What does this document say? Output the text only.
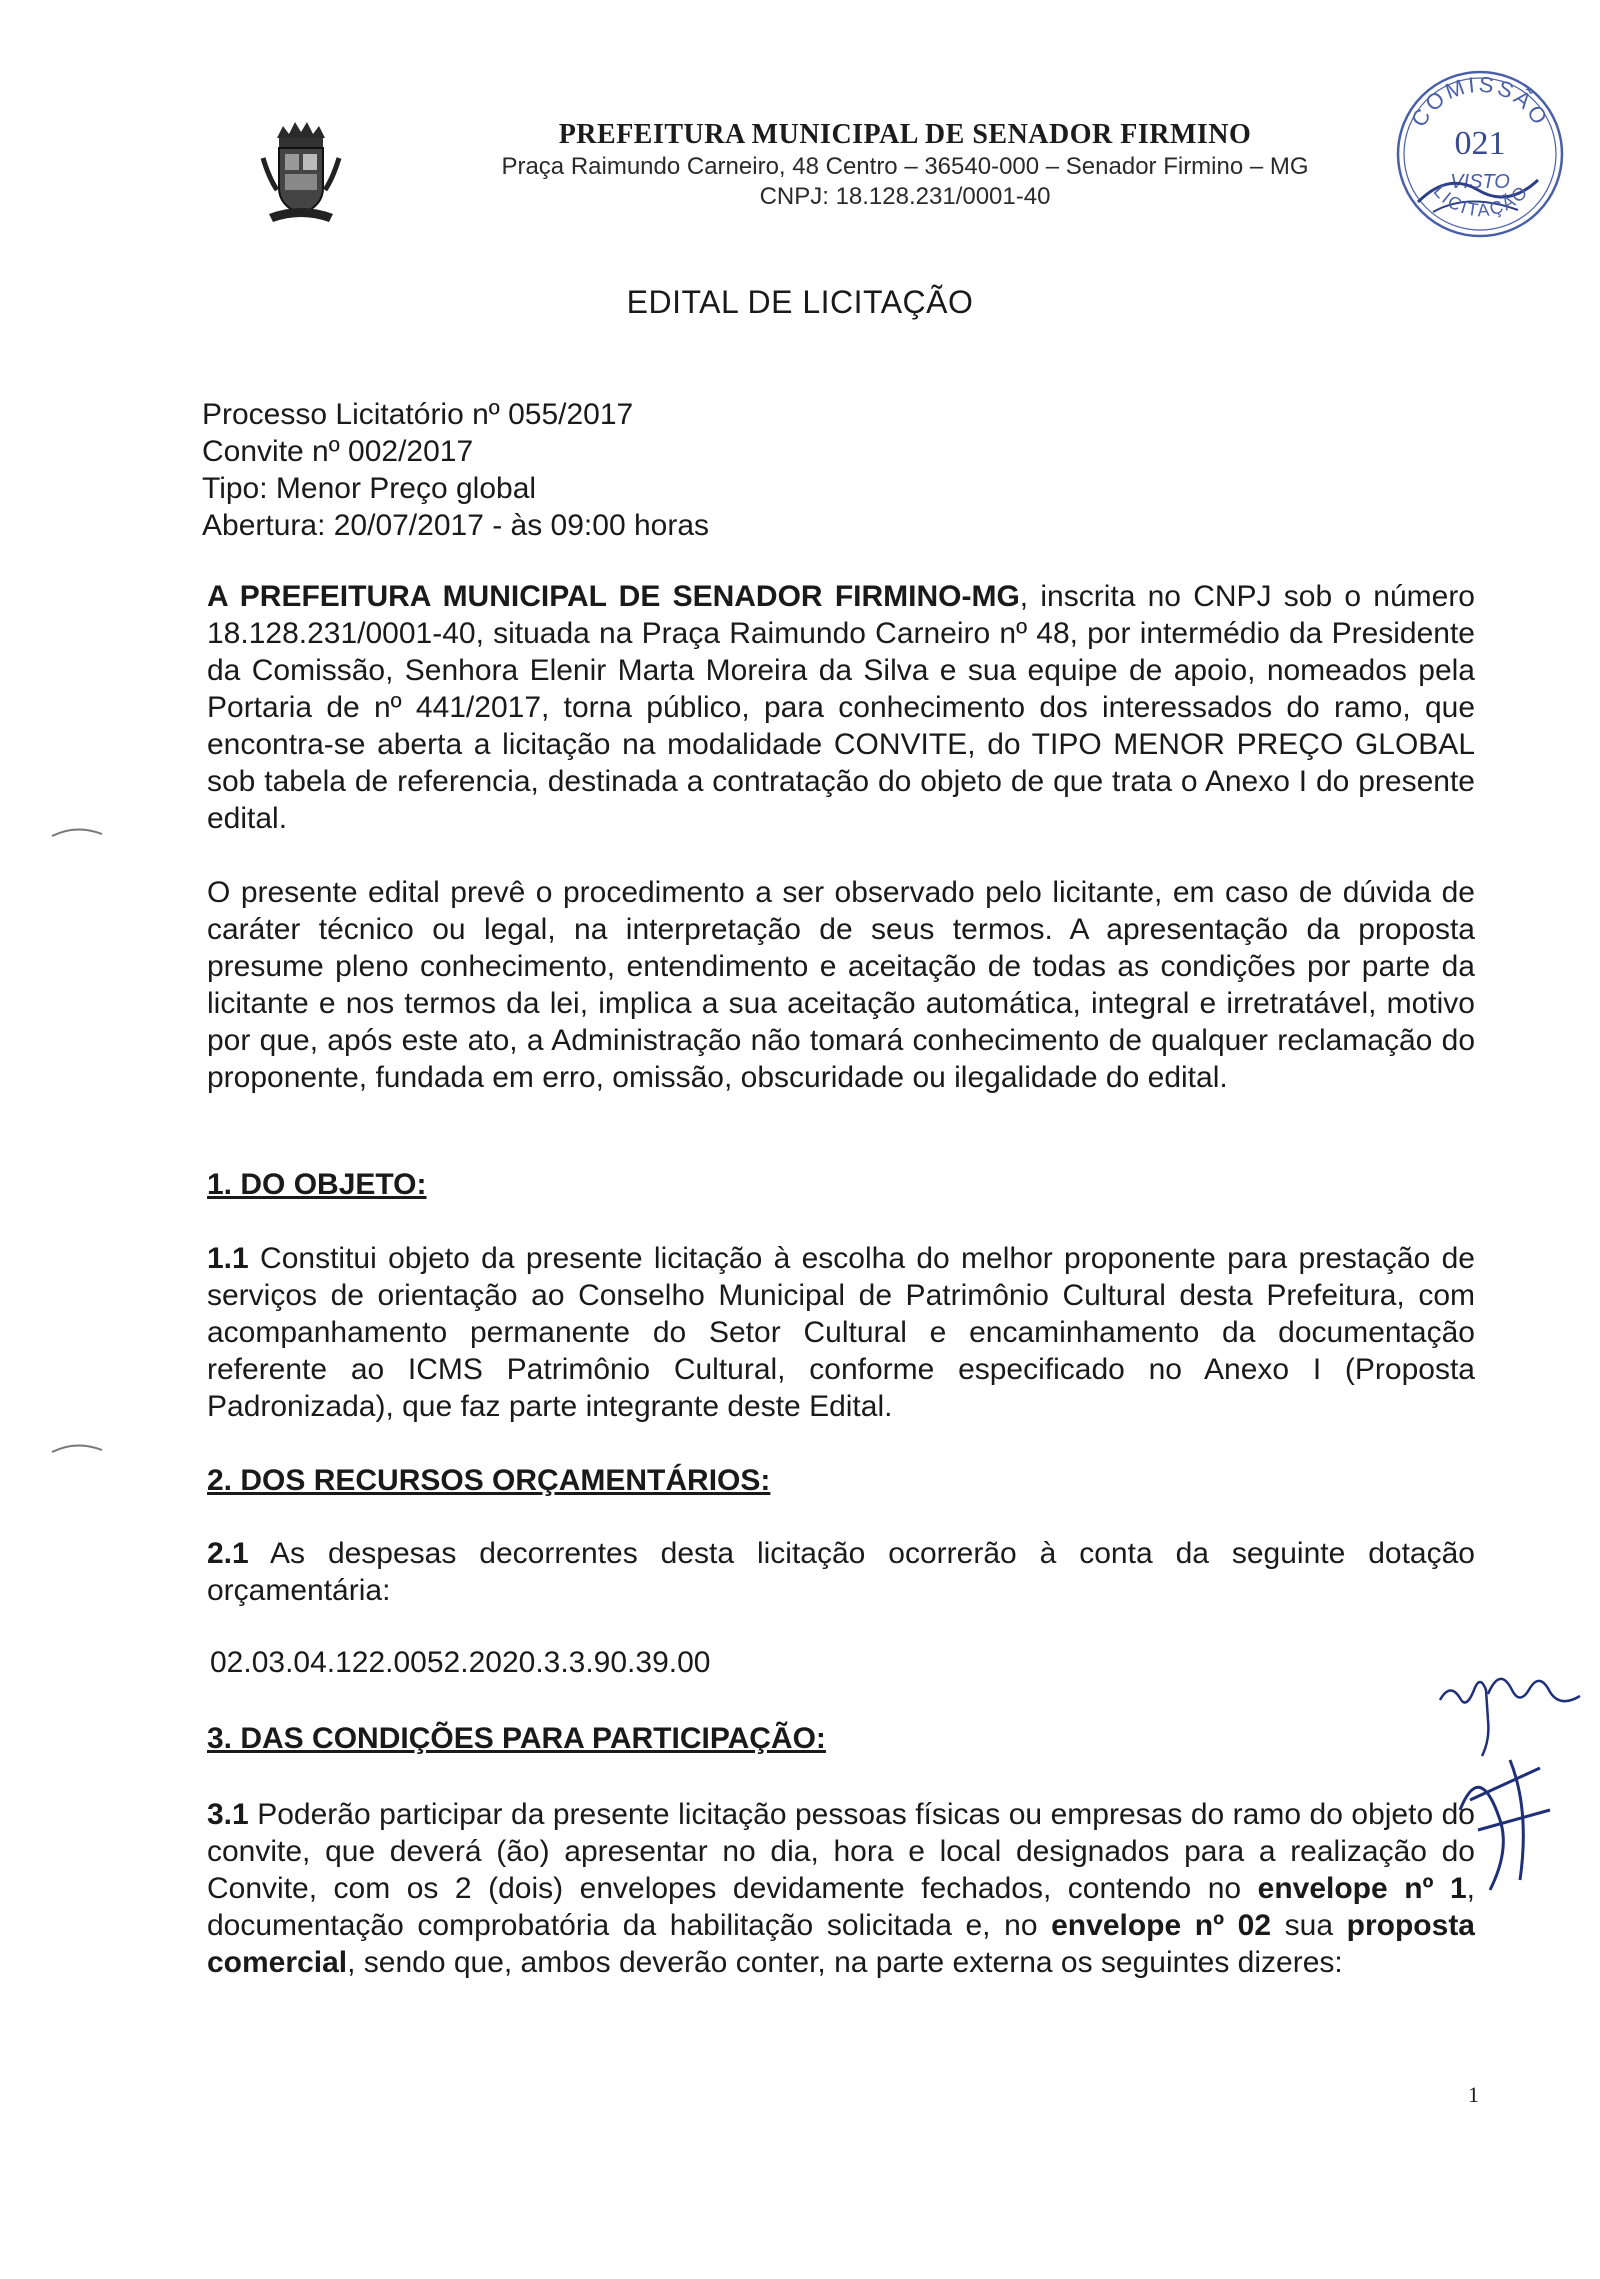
PREFEITURA MUNICIPAL DE SENADOR FIRMINO
Praça Raimundo Carneiro, 48 Centro – 36540-000 – Senador Firmino – MG
CNPJ: 18.128.231/0001-40
COMISSÃO
021
VISTO
LICITAÇÃO
EDITAL DE LICITAÇÃO
Processo Licitatório nº 055/2017
Convite nº 002/2017
Tipo: Menor Preço global
Abertura: 20/07/2017 - às 09:00 horas
A PREFEITURA MUNICIPAL DE SENADOR FIRMINO-MG, inscrita no CNPJ sob o número 18.128.231/0001-40, situada na Praça Raimundo Carneiro nº 48, por intermédio da Presidente da Comissão, Senhora Elenir Marta Moreira da Silva e sua equipe de apoio, nomeados pela Portaria de nº 441/2017, torna público, para conhecimento dos interessados do ramo, que encontra-se aberta a licitação na modalidade CONVITE, do TIPO MENOR PREÇO GLOBAL sob tabela de referencia, destinada a contratação do objeto de que trata o Anexo I do presente edital.
O presente edital prevê o procedimento a ser observado pelo licitante, em caso de dúvida de caráter técnico ou legal, na interpretação de seus termos. A apresentação da proposta presume pleno conhecimento, entendimento e aceitação de todas as condições por parte da licitante e nos termos da lei, implica a sua aceitação automática, integral e irretratável, motivo por que, após este ato, a Administração não tomará conhecimento de qualquer reclamação do proponente, fundada em erro, omissão, obscuridade ou ilegalidade do edital.
1. DO OBJETO:
1.1 Constitui objeto da presente licitação à escolha do melhor proponente para prestação de serviços de orientação ao Conselho Municipal de Patrimônio Cultural desta Prefeitura, com acompanhamento permanente do Setor Cultural e encaminhamento da documentação referente ao ICMS Patrimônio Cultural, conforme especificado no Anexo I (Proposta Padronizada), que faz parte integrante deste Edital.
2. DOS RECURSOS ORÇAMENTÁRIOS:
2.1 As despesas decorrentes desta licitação ocorrerão à conta da seguinte dotação orçamentária:
02.03.04.122.0052.2020.3.3.90.39.00
3. DAS CONDIÇÕES PARA PARTICIPAÇÃO:
3.1 Poderão participar da presente licitação pessoas físicas ou empresas do ramo do objeto do convite, que deverá (ão) apresentar no dia, hora e local designados para a realização do Convite, com os 2 (dois) envelopes devidamente fechados, contendo no envelope nº 1, documentação comprobatória da habilitação solicitada e, no envelope nº 02 sua proposta comercial, sendo que, ambos deverão conter, na parte externa os seguintes dizeres:
1
